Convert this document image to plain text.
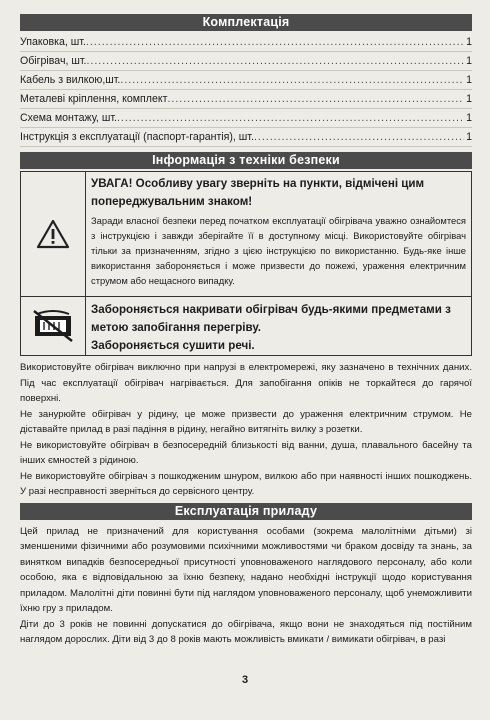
Комплектація
Упаковка, шт. .....	1
Обігрівач, шт. .....	1
Кабель з вилкою,шт. .....	1
Металеві кріплення, комплект .....	1
Схема монтажу, шт. .....	1
Інструкція з експлуатації (паспорт-гарантія), шт. .....	1
Інформація з техніки безпеки
УВАГА! Особливу увагу зверніть на пункти, відмічені цим попереджувальним знаком!
Заради власної безпеки перед початком експлуатації обігрівача уважно ознайомтеся з інструкцією і завжди зберігайте її в доступному місці. Використовуйте обігрівач тільки за призначенням, згідно з цією інструкцією по використанню. Будь-яке інше використання забороняється і може призвести до пожежі, ураження електричним струмом або нещасного випадку.
Забороняється накривати обігрівач будь-якими предметами з метою запобігання перегріву.
Забороняється сушити речі.

Використовуйте обігрівач виключно при напрузі в електромережі, яку зазначено в технічних даних. Під час експлуатації обігрівач нагрівається. Для запобігання опіків не торкайтеся до гарячої поверхні.

Не занурюйте обігрівач у рідину, це може призвести до ураження електричним струмом. Не діставайте прилад в разі падіння в рідину, негайно витягніть вилку з розетки.

Не використовуйте обігрівач в безпосередній близькості від ванни, душа, плавального басейну та інших ємностей з рідиною.

Не використовуйте обігрівач з пошкодженим шнуром, вилкою або при наявності інших пошкоджень. У разі несправності зверніться до сервісного центру.

Експлуатація приладу

Цей прилад не призначений для користування особами (зокрема малолітніми дітьми) зі зменшеними фізичними або розумовими психічними можливостями чи браком досвіду та знань, за винятком випадків безпосередньої присутності уповноваженого наглядового персоналу, або коли особою, яка є відповідальною за їхню безпеку, надано необхідні інструкції щодо користування приладом. Малолітні діти повинні бути під наглядом уповноваженого персоналу, щоб унеможливити їхню гру з приладом.

Діти до 3 років не повинні допускатися до обігрівача, якщо вони не знаходяться під постійним наглядом дорослих. Діти від 3 до 8 років мають можливість вмикати / вимикати обігрівач, в разі

3
